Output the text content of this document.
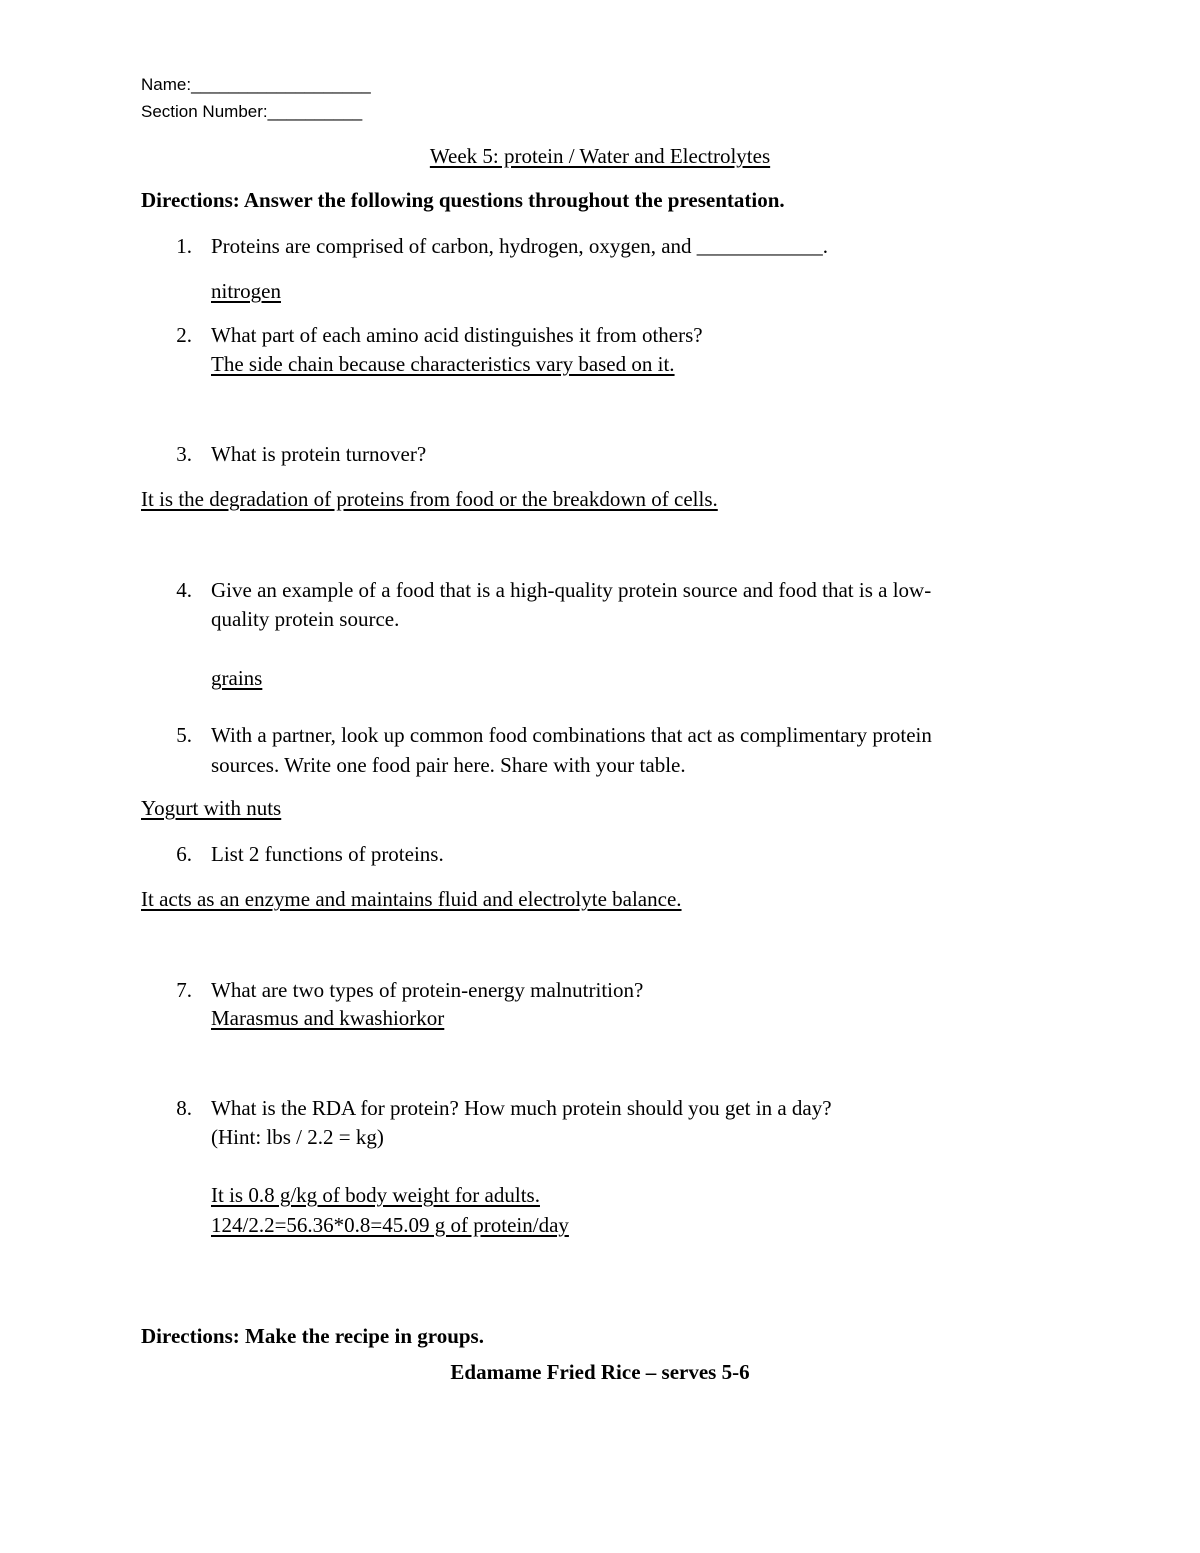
Name:___________________
Section Number:__________
Week 5: protein / Water and Electrolytes
Directions: Answer the following questions throughout the presentation.
1. Proteins are comprised of carbon, hydrogen, oxygen, and ____________.
nitrogen
2. What part of each amino acid distinguishes it from others?
The side chain because characteristics vary based on it.
3. What is protein turnover?
It is the degradation of proteins from food or the breakdown of cells.
4. Give an example of a food that is a high-quality protein source and food that is a low-
quality protein source.
grains
5. With a partner, look up common food combinations that act as complimentary protein
sources. Write one food pair here. Share with your table.
Yogurt with nuts
6. List 2 functions of proteins.
It acts as an enzyme and maintains fluid and electrolyte balance.
7. What are two types of protein-energy malnutrition?
Marasmus and kwashiorkor
8. What is the RDA for protein? How much protein should you get in a day?
(Hint: lbs / 2.2 = kg)
It is 0.8 g/kg of body weight for adults.
124/2.2=56.36*0.8=45.09 g of protein/day
Directions: Make the recipe in groups.
Edamame Fried Rice – serves 5-6
